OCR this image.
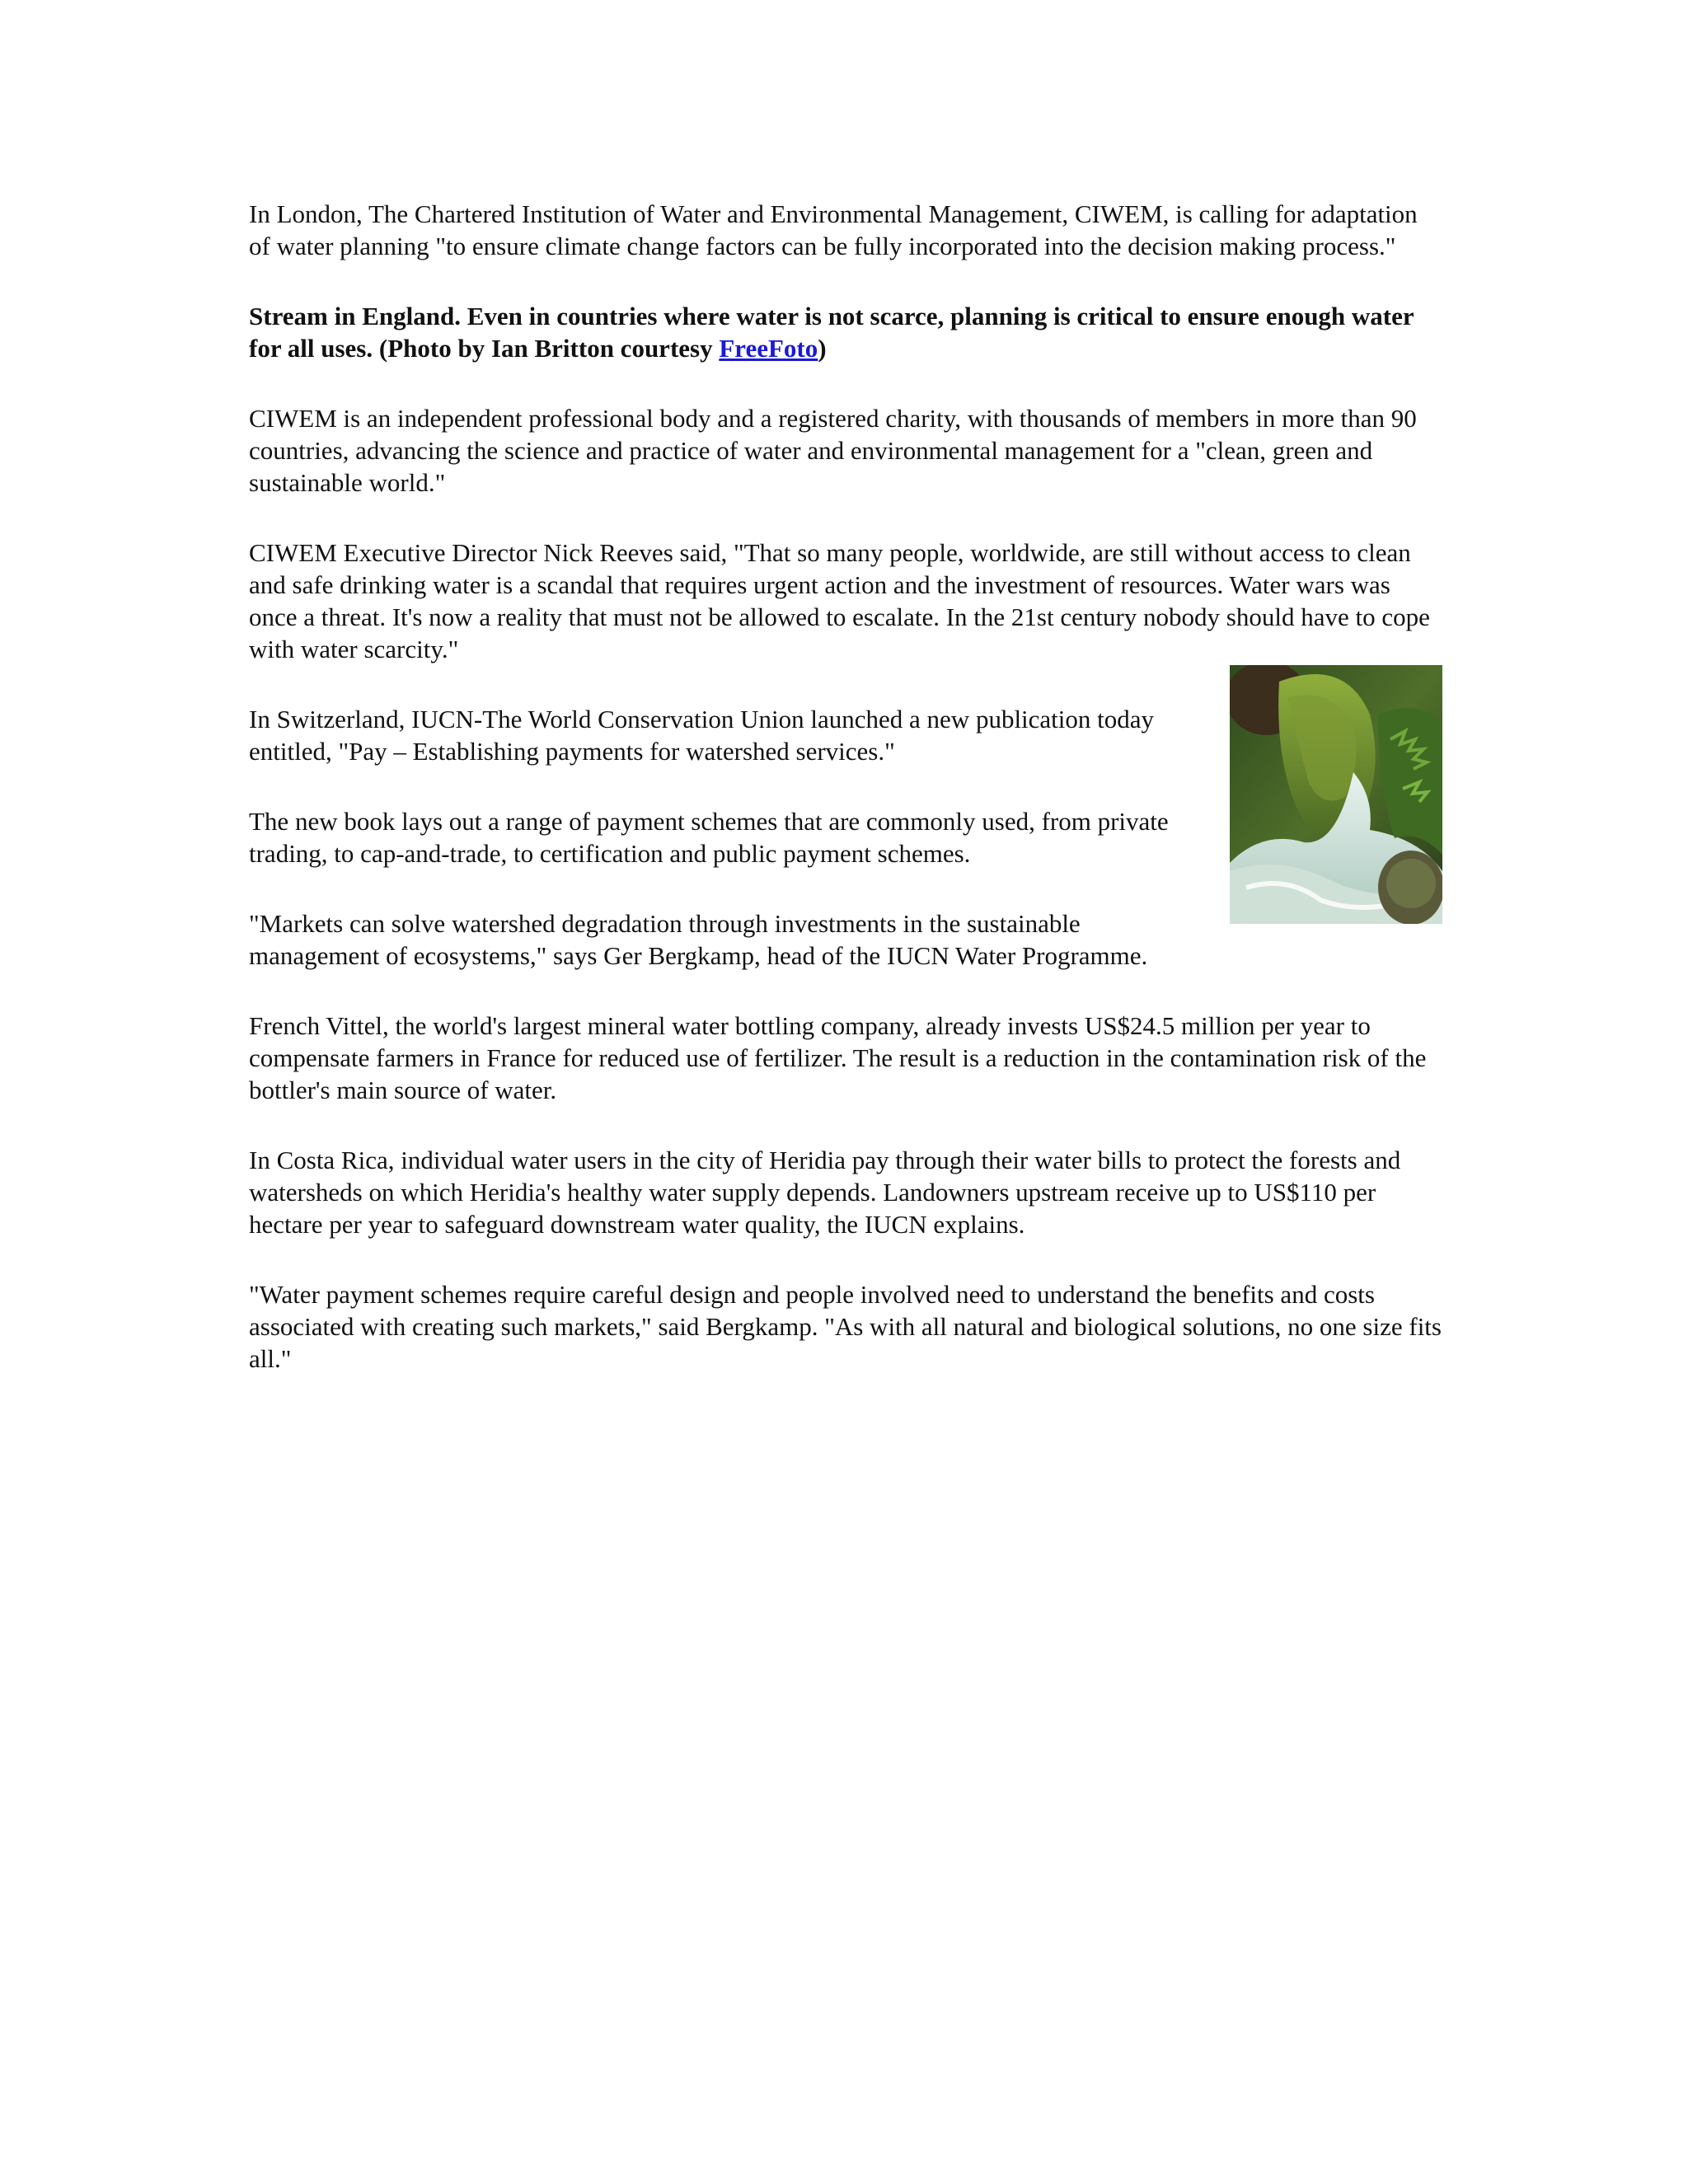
In London, The Chartered Institution of Water and Environmental Management, CIWEM, is calling for adaptation of water planning "to ensure climate change factors can be fully incorporated into the decision making process."

Stream in England. Even in countries where water is not scarce, planning is critical to ensure enough water for all uses. (Photo by Ian Britton courtesy FreeFoto)

CIWEM is an independent professional body and a registered charity, with thousands of members in more than 90 countries, advancing the science and practice of water and environmental management for a "clean, green and sustainable world."

CIWEM Executive Director Nick Reeves said, "That so many people, worldwide, are still without access to clean and safe drinking water is a scandal that requires urgent action and the investment of resources. Water wars was once a threat. It's now a reality that must not be allowed to escalate. In the 21st century nobody should have to cope with water scarcity."

In Switzerland, IUCN-The World Conservation Union launched a new publication today entitled, "Pay – Establishing payments for watershed services."

The new book lays out a range of payment schemes that are commonly used, from private trading, to cap-and-trade, to certification and public payment schemes.

"Markets can solve watershed degradation through investments in the sustainable management of ecosystems," says Ger Bergkamp, head of the IUCN Water Programme.

French Vittel, the world's largest mineral water bottling company, already invests US$24.5 million per year to compensate farmers in France for reduced use of fertilizer. The result is a reduction in the contamination risk of the bottler's main source of water.

In Costa Rica, individual water users in the city of Heridia pay through their water bills to protect the forests and watersheds on which Heridia's healthy water supply depends. Landowners upstream receive up to US$110 per hectare per year to safeguard downstream water quality, the IUCN explains.

"Water payment schemes require careful design and people involved need to understand the benefits and costs associated with creating such markets," said Bergkamp. "As with all natural and biological solutions, no one size fits all."
